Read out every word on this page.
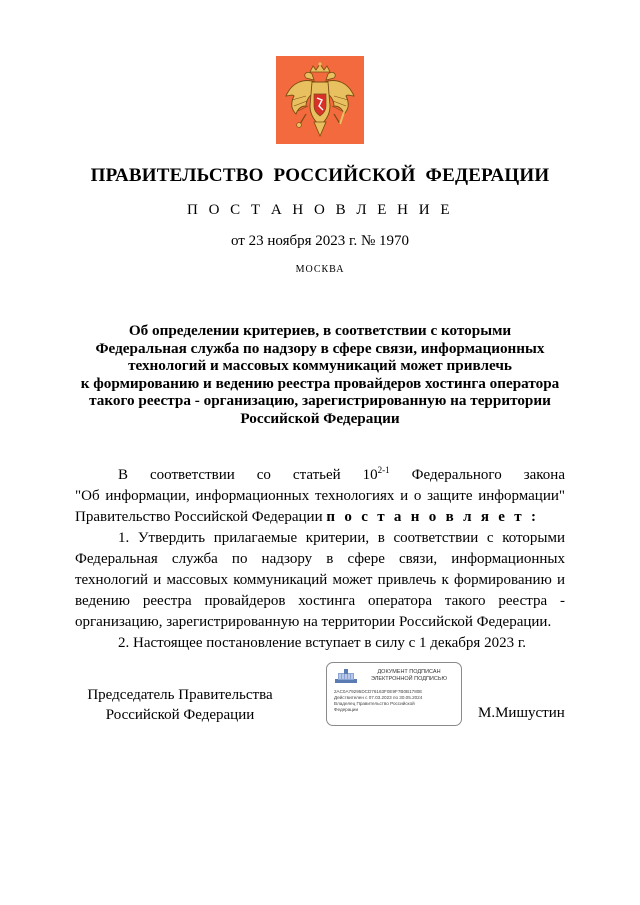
ПРАВИТЕЛЬСТВО РОССИЙСКОЙ ФЕДЕРАЦИИ
П О С Т А Н О В Л Е Н И Е
от 23 ноября 2023 г. № 1970
МОСКВА
Об определении критериев, в соответствии с которыми
Федеральная служба по надзору в сфере связи, информационных
технологий и массовых коммуникаций может привлечь
к формированию и ведению реестра провайдеров хостинга оператора
такого реестра - организацию, зарегистрированную на территории
Российской Федерации
В соответствии со статьей 10$^{2-1}$ Федерального закона
"Об информации, информационных технологиях и о защите информации"
Правительство Российской Федерации п о с т а н о в л я е т :
1. Утвердить прилагаемые критерии, в соответствии с которыми
Федеральная служба по надзору в сфере связи, информационных
технологий и массовых коммуникаций может привлечь к формированию и
ведению реестра провайдеров хостинга оператора такого реестра -
организацию, зарегистрированную на территории Российской Федерации.
2. Настоящее постановление вступает в силу с 1 декабря 2023 г.
Председатель Правительства
Российской Федерации
ДОКУМЕНТ ПОДПИСАН
ЭЛЕКТРОННОЙ ПОДПИСЬЮ
2AC0A79295DCD76163F0E9F7B0B1780E
Действителен с 07.03.2023 по 30.05.2024
Владелец Правительство Российской
Федерации	М.Мишустин
